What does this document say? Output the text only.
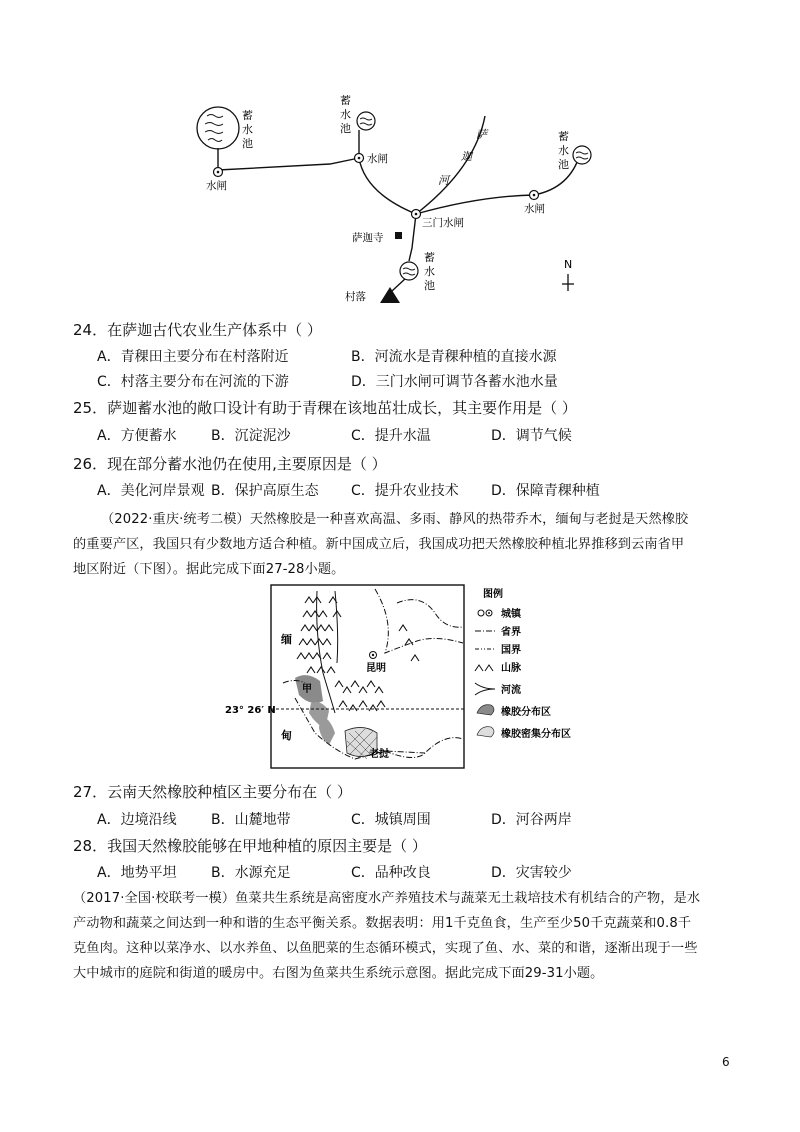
蓄
水
池
水闸
蓄
水
池
水闸
萨
迦
河
蓄
水
池
水闸
三门水闸
萨迦寺
蓄
水
池
村落
N
24．在萨迦古代农业生产体系中（ ）
A．青稞田主要分布在村落附近	B．河流水是青稞种植的直接水源
C．村落主要分布在河流的下游	D．三门水闸可调节各蓄水池水量
25．萨迦蓄水池的敞口设计有助于青稞在该地茁壮成长，其主要作用是（ ）
A．方便蓄水 B．沉淀泥沙	C．提升水温	D．调节气候
26．现在部分蓄水池仍在使用,主要原因是（ ）
A．美化河岸景观 B．保护高原生态 C．提升农业技术 D．保障青稞种植
（2022·重庆·统考二模）天然橡胶是一种喜欢高温、多雨、静风的热带乔木，缅甸与老挝是天然橡胶
的重要产区，我国只有少数地方适合种植。新中国成立后，我国成功把天然橡胶种植北界推移到云南省甲
地区附近（下图）。据此完成下面27-28小题。
23° 26′ N
缅
甸
老挝
昆明
甲
图例
城镇
省界
国界
山脉
河流
橡胶分布区
橡胶密集分布区
27．云南天然橡胶种植区主要分布在（ ）
A．边境沿线 B．山麓地带	C．城镇周围	D．河谷两岸
28．我国天然橡胶能够在甲地种植的原因主要是（ ）
A．地势平坦 B．水源充足	C．品种改良	D．灾害较少
（2017·全国·校联考一模）鱼菜共生系统是高密度水产养殖技术与蔬菜无土栽培技术有机结合的产物，是水
产动物和蔬菜之间达到一种和谐的生态平衡关系。数据表明：用1千克鱼食，生产至少50千克蔬菜和0.8千
克鱼肉。这种以菜净水、以水养鱼、以鱼肥菜的生态循环模式，实现了鱼、水、菜的和谐，逐渐出现于一些
大中城市的庭院和街道的暖房中。右图为鱼菜共生系统示意图。据此完成下面29-31小题。
6
